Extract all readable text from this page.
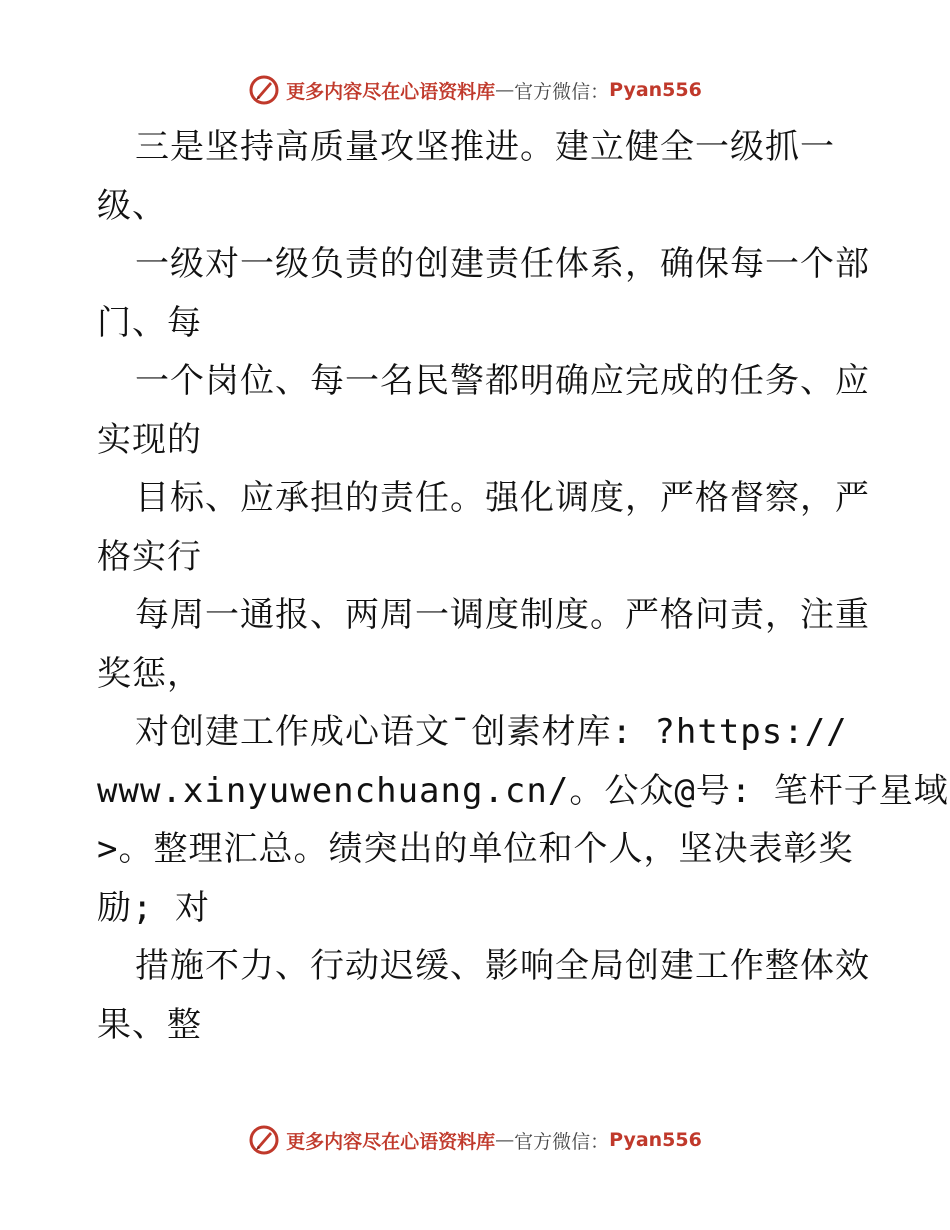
更多内容尽在心语资料库 — 官方微信： Pyan556
三是坚持高质量攻坚推进。建立健全一级抓一
级、
一级对一级负责的创建责任体系，确保每一个部
门、每
一个岗位、每一名民警都明确应完成的任务、应
实现的
目标、应承担的责任。强化调度，严格督察，严
格实行
每周一通报、两周一调度制度。严格问责，注重
奖惩，
对创建工作成心语文¯创素材库: ?https://
www.xinyuwenchuang.cn/。公众@号: 笔杆子星域
>。整理汇总。绩突出的单位和个人，坚决表彰奖
励; 对
措施不力、行动迟缓、影响全局创建工作整体效
果、整
更多内容尽在心语资料库 — 官方微信： Pyan556
